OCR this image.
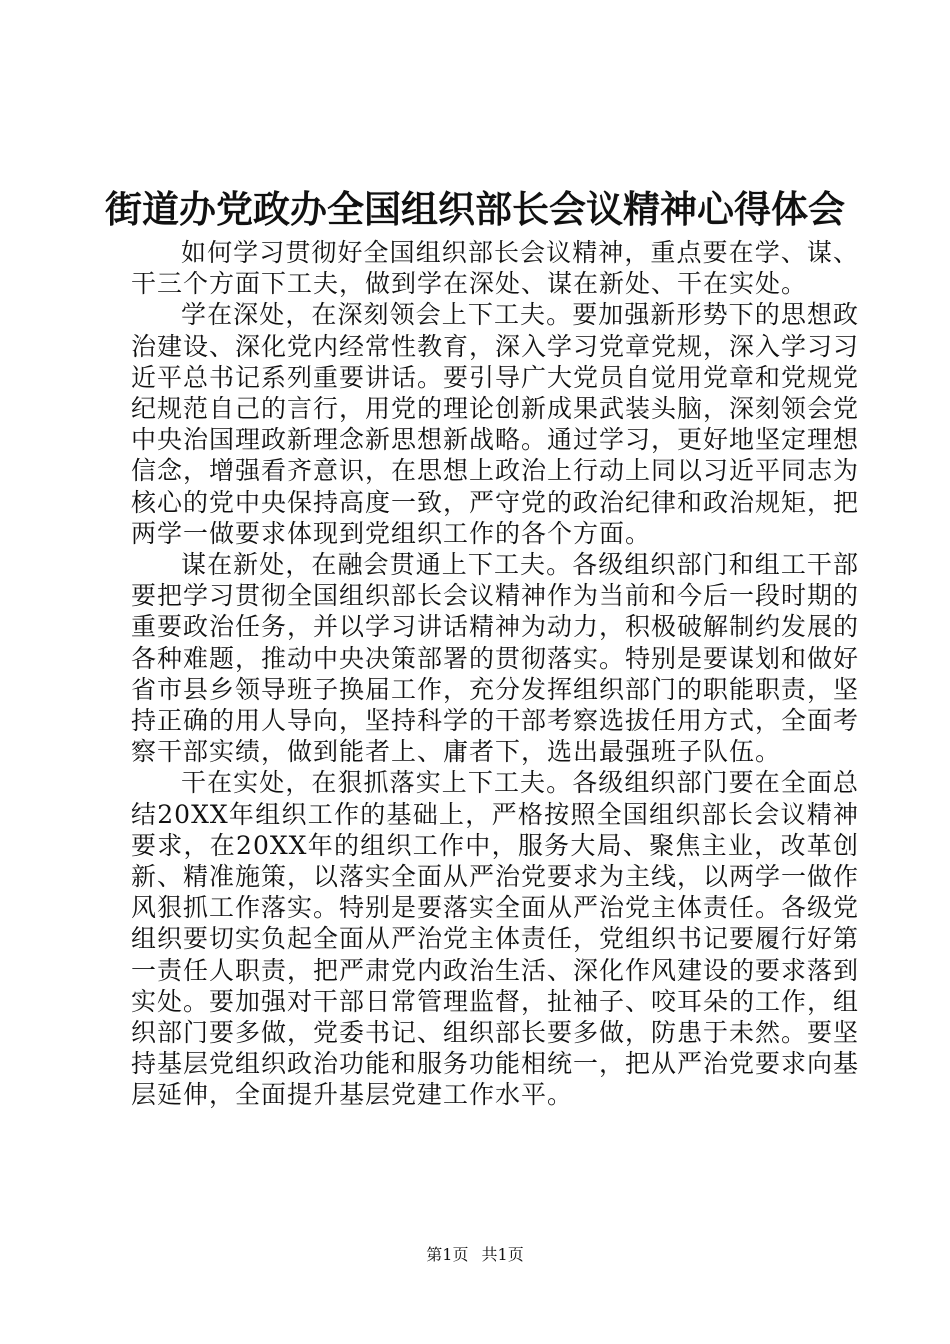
街道办党政办全国组织部长会议精神心得体会

如何学习贯彻好全国组织部长会议精神，重点要在学、谋、干三个方面下工夫，做到学在深处、谋在新处、干在实处。

学在深处，在深刻领会上下工夫。要加强新形势下的思想政治建设、深化党内经常性教育，深入学习党章党规，深入学习习近平总书记系列重要讲话。要引导广大党员自觉用党章和党规党纪规范自己的言行，用党的理论创新成果武装头脑，深刻领会党中央治国理政新理念新思想新战略。通过学习，更好地坚定理想信念，增强看齐意识，在思想上政治上行动上同以习近平同志为核心的党中央保持高度一致，严守党的政治纪律和政治规矩，把两学一做要求体现到党组织工作的各个方面。

谋在新处，在融会贯通上下工夫。各级组织部门和组工干部要把学习贯彻全国组织部长会议精神作为当前和今后一段时期的重要政治任务，并以学习讲话精神为动力，积极破解制约发展的各种难题，推动中央决策部署的贯彻落实。特别是要谋划和做好省市县乡领导班子换届工作，充分发挥组织部门的职能职责，坚持正确的用人导向，坚持科学的干部考察选拔任用方式，全面考察干部实绩，做到能者上、庸者下，选出最强班子队伍。

干在实处，在狠抓落实上下工夫。各级组织部门要在全面总结20XX年组织工作的基础上，严格按照全国组织部长会议精神要求，在20XX年的组织工作中，服务大局、聚焦主业，改革创新、精准施策，以落实全面从严治党要求为主线，以两学一做作风狠抓工作落实。特别是要落实全面从严治党主体责任。各级党组织要切实负起全面从严治党主体责任，党组织书记要履行好第一责任人职责，把严肃党内政治生活、深化作风建设的要求落到实处。要加强对干部日常管理监督，扯袖子、咬耳朵的工作，组织部门要多做，党委书记、组织部长要多做，防患于未然。要坚持基层党组织政治功能和服务功能相统一，把从严治党要求向基层延伸，全面提升基层党建工作水平。

第1页 共1页
